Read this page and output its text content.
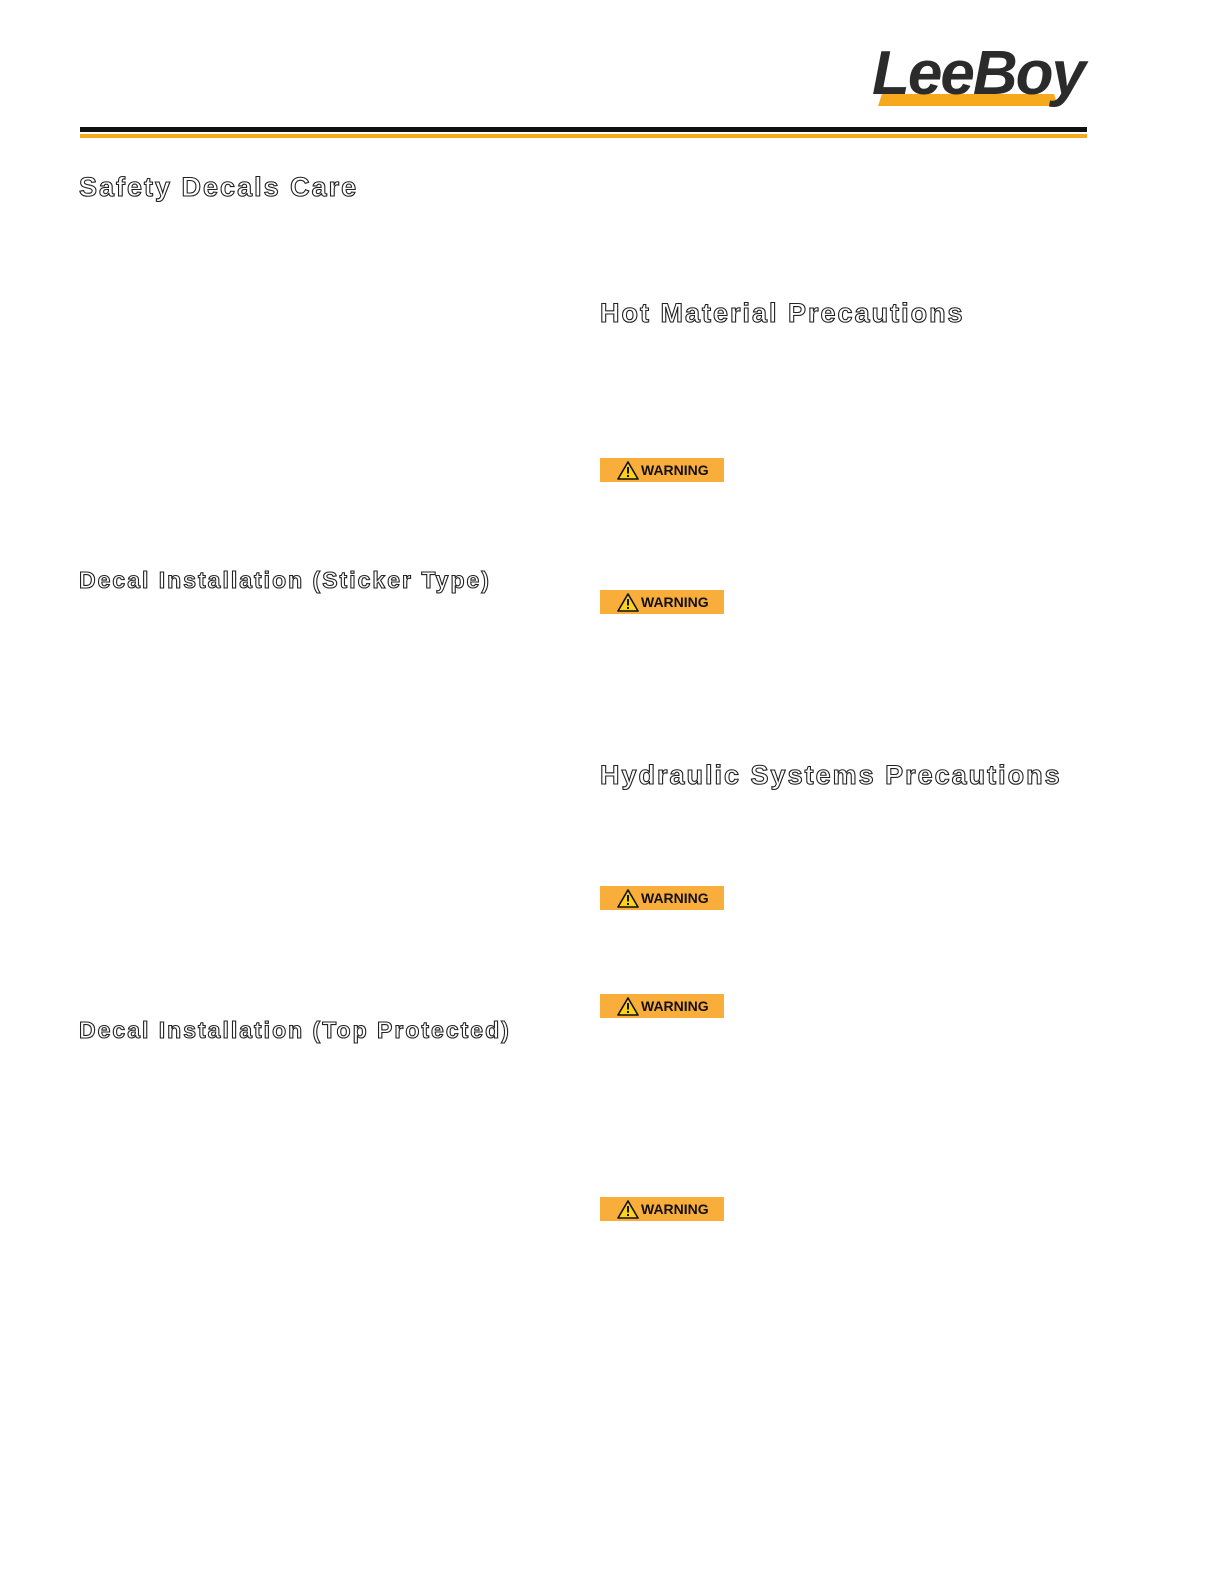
LeeBoy
Safety Decals Care
Decal Installation (Sticker Type)
Decal Installation (Top Protected)
Hot Material Precautions
Hydraulic Systems Precautions
WARNING
WARNING
WARNING
WARNING
WARNING
